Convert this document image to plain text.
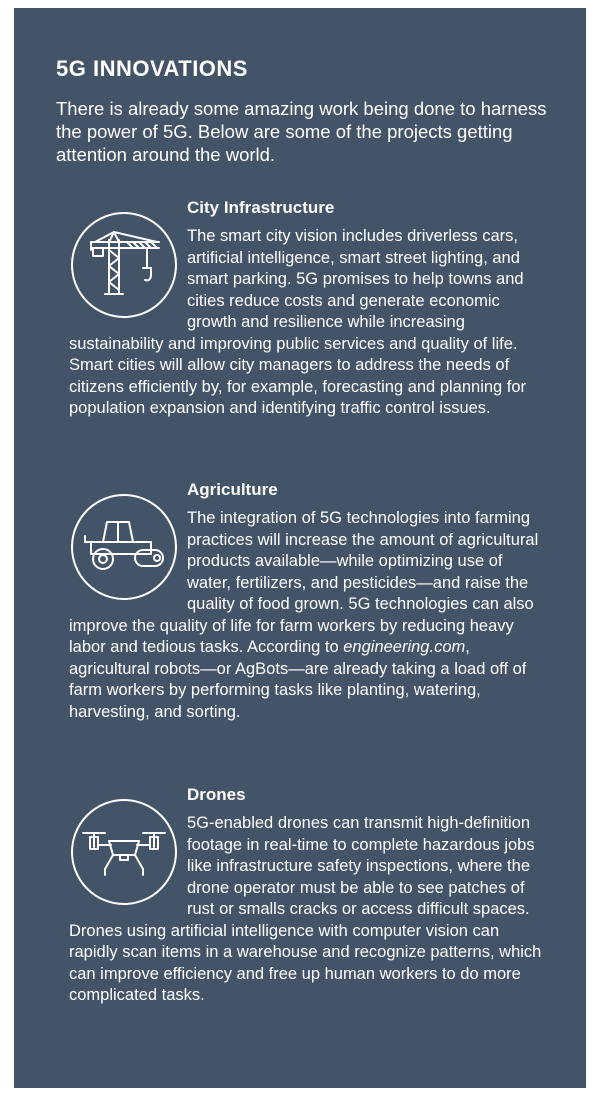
5G INNOVATIONS

There is already some amazing work being done to harness the power of 5G. Below are some of the projects getting attention around the world.

City Infrastructure

The smart city vision includes driverless cars, artificial intelligence, smart street lighting, and smart parking. 5G promises to help towns and cities reduce costs and generate economic growth and resilience while increasing sustainability and improving public services and quality of life. Smart cities will allow city managers to address the needs of citizens efficiently by, for example, forecasting and planning for population expansion and identifying traffic control issues.

Agriculture

The integration of 5G technologies into farming practices will increase the amount of agricultural products available—while optimizing use of water, fertilizers, and pesticides—and raise the quality of food grown. 5G technologies can also improve the quality of life for farm workers by reducing heavy labor and tedious tasks. According to engineering.com, agricultural robots—or AgBots—are already taking a load off of farm workers by performing tasks like planting, watering, harvesting, and sorting.

Drones

5G-enabled drones can transmit high-definition footage in real-time to complete hazardous jobs like infrastructure safety inspections, where the drone operator must be able to see patches of rust or smalls cracks or access difficult spaces. Drones using artificial intelligence with computer vision can rapidly scan items in a warehouse and recognize patterns, which can improve efficiency and free up human workers to do more complicated tasks.
